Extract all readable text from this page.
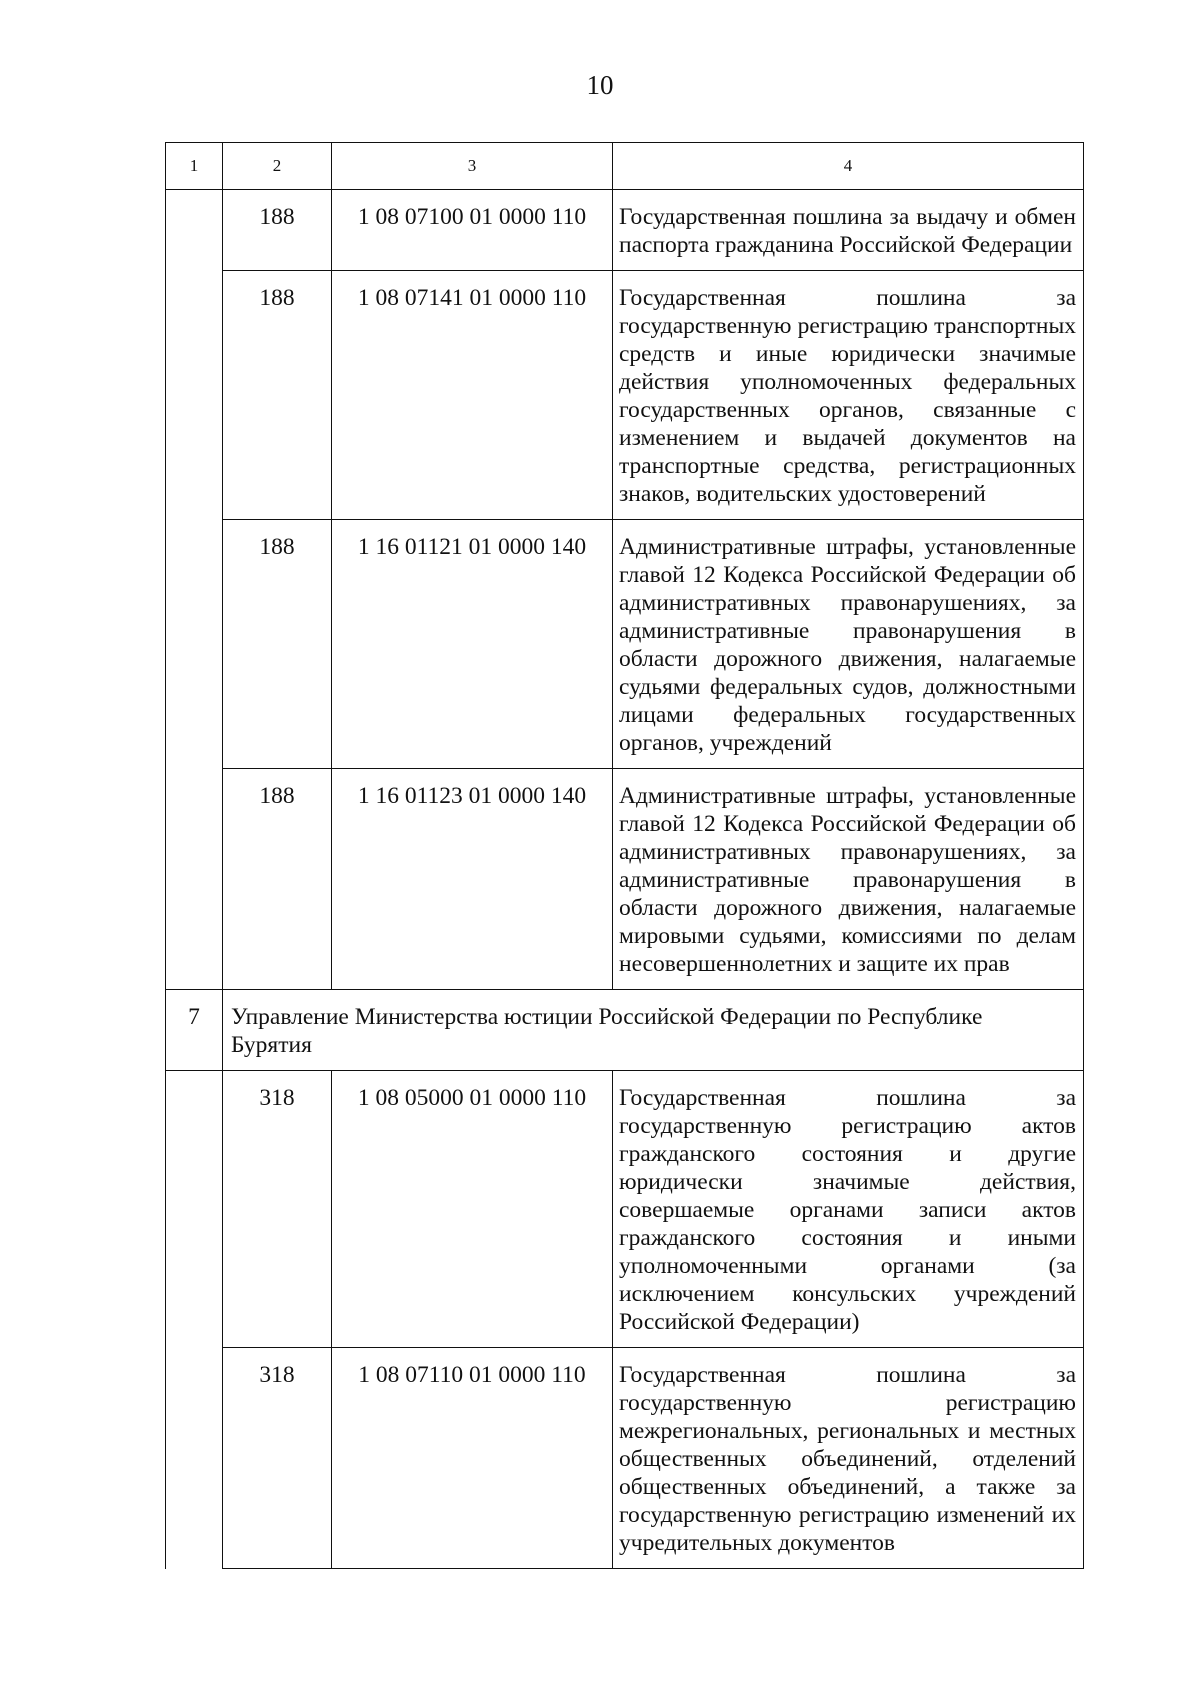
10
1	2	3	4
	188	1 08 07100 01 0000 110	Государственная пошлина за выдачу и обмен паспорта гражданина Российской Федерации
	188	1 08 07141 01 0000 110	Государственная пошлина за государственную регистрацию транспортных средств и иные юридически значимые действия уполномоченных федеральных государственных органов, связанные с изменением и выдачей документов на транспортные средства, регистрационных знаков, водительских удостоверений
	188	1 16 01121 01 0000 140	Административные штрафы, установленные главой 12 Кодекса Российской Федерации об административных правонарушениях, за административные правонарушения в области дорожного движения, налагаемые судьями федеральных судов, должностными лицами федеральных государственных органов, учреждений
	188	1 16 01123 01 0000 140	Административные штрафы, установленные главой 12 Кодекса Российской Федерации об административных правонарушениях, за административные правонарушения в области дорожного движения, налагаемые мировыми судьями, комиссиями по делам несовершеннолетних и защите их прав
7	Управление Министерства юстиции Российской Федерации по Республике Бурятия		
	318	1 08 05000 01 0000 110	Государственная пошлина за государственную регистрацию актов гражданского состояния и другие юридически значимые действия, совершаемые органами записи актов гражданского состояния и иными уполномоченными органами (за исключением консульских учреждений Российской Федерации)
	318	1 08 07110 01 0000 110	Государственная пошлина за государственную регистрацию межрегиональных, региональных и местных общественных объединений, отделений общественных объединений, а также за государственную регистрацию изменений их учредительных документов
